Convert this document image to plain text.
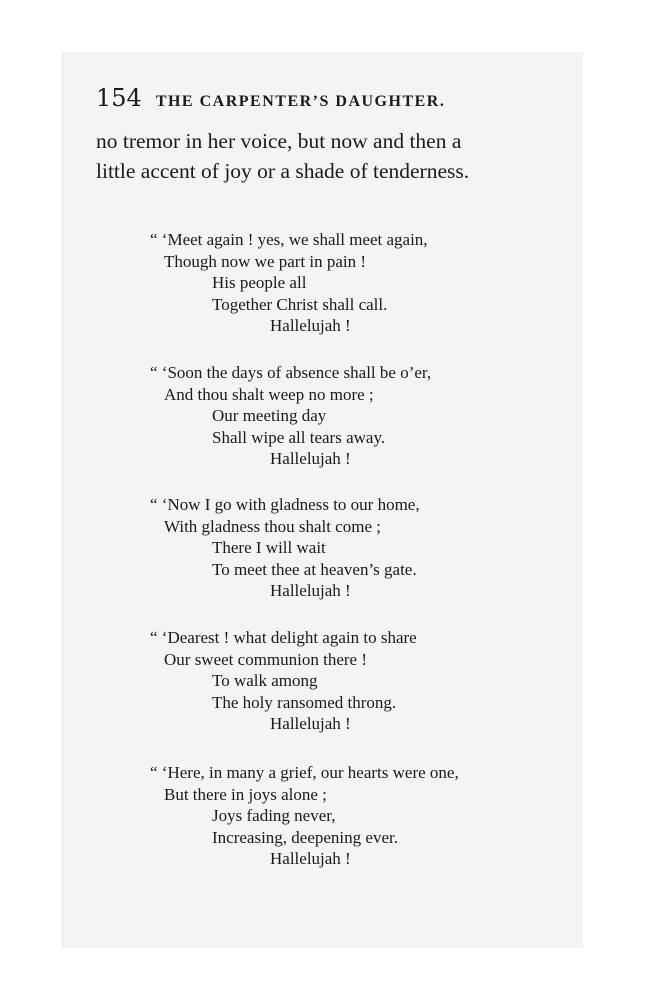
154 THE CARPENTER’S DAUGHTER.

no tremor in her voice, but now and then a

little accent of joy or a shade of tenderness.

“ ‘Meet again ! yes, we shall meet again,
Though now we part in pain !
His people all
Together Christ shall call.
Hallelujah !
“ ‘Soon the days of absence shall be o’er,
And thou shalt weep no more ;
Our meeting day
Shall wipe all tears away.
Hallelujah !
“ ‘Now I go with gladness to our home,
With gladness thou shalt come ;
There I will wait
To meet thee at heaven’s gate.
Hallelujah !
“ ‘Dearest ! what delight again to share
Our sweet communion there !
To walk among
The holy ransomed throng.
Hallelujah !
“ ‘Here, in many a grief, our hearts were one,
But there in joys alone ;
Joys fading never,
Increasing, deepening ever.
Hallelujah !
